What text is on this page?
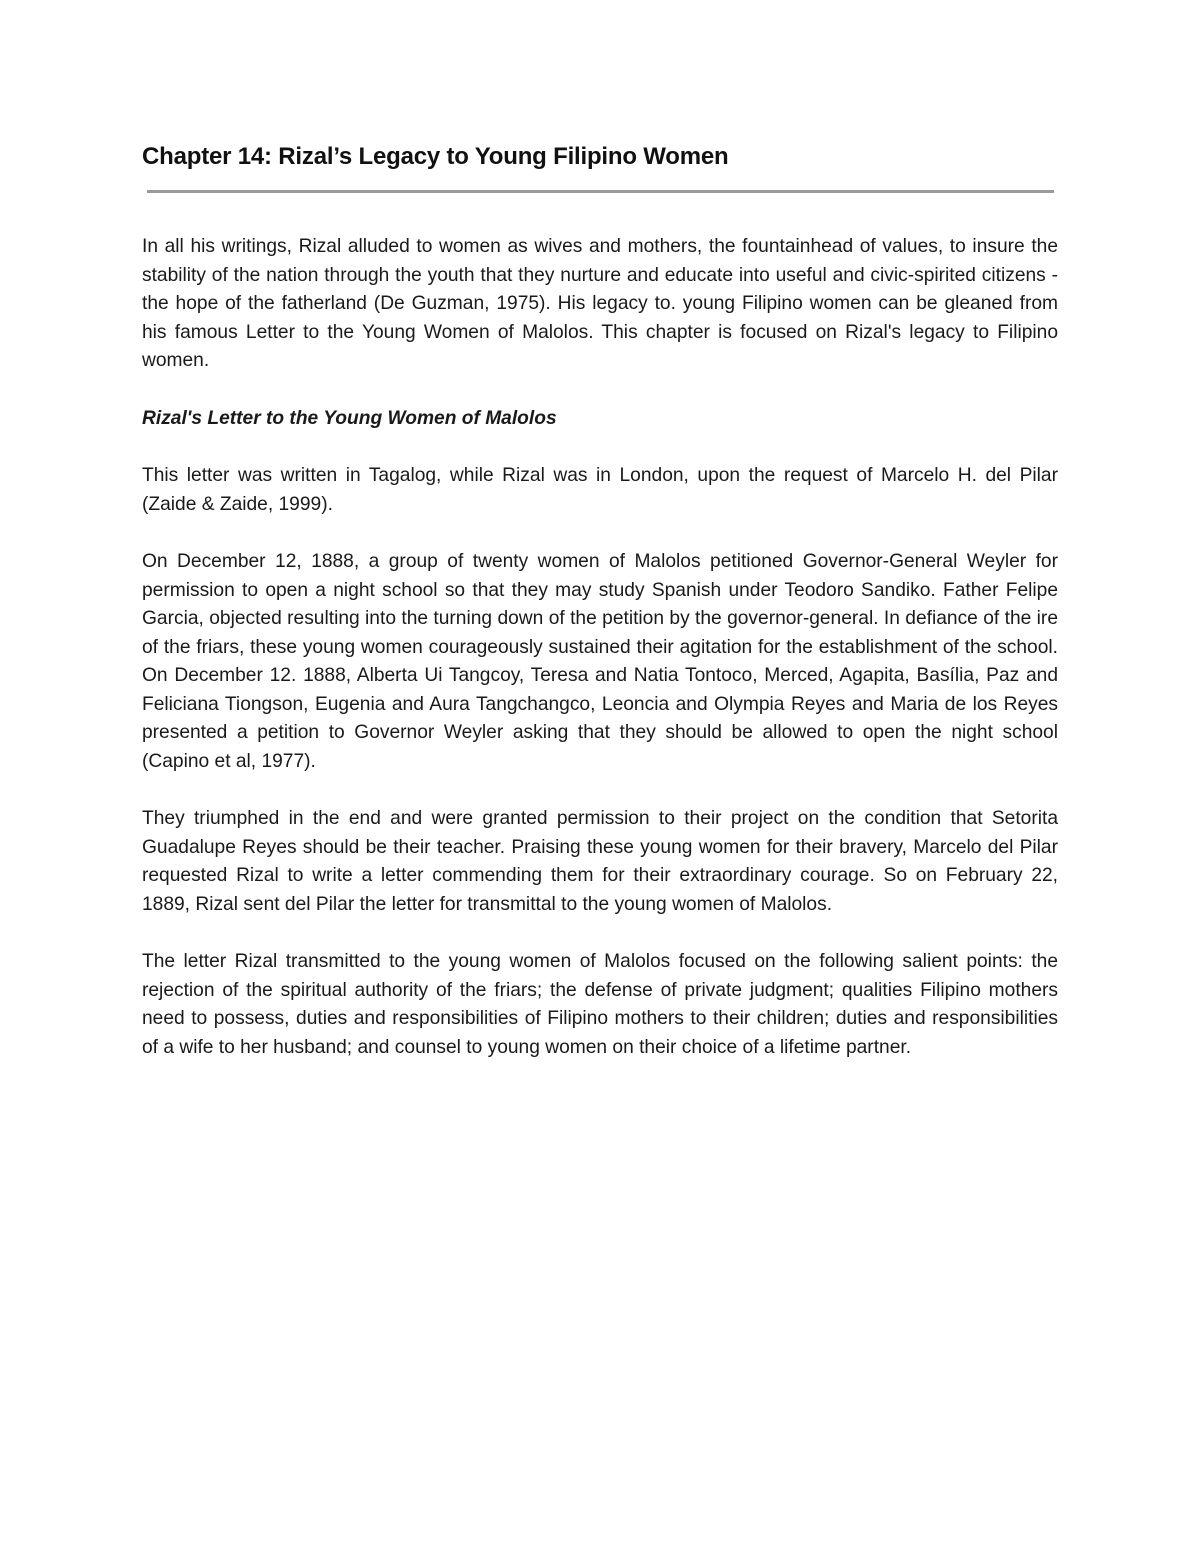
Chapter 14: Rizal’s Legacy to Young Filipino Women

In all his writings, Rizal alluded to women as wives and mothers, the fountainhead of values, to insure the stability of the nation through the youth that they nurture and educate into useful and civic-spirited citizens - the hope of the fatherland (De Guzman, 1975). His legacy to. young Filipino women can be gleaned from his famous Letter to the Young Women of Malolos. This chapter is focused on Rizal's legacy to Filipino women.

Rizal's Letter to the Young Women of Malolos

This letter was written in Tagalog, while Rizal was in London, upon the request of Marcelo H. del Pilar (Zaide & Zaide, 1999).

On December 12, 1888, a group of twenty women of Malolos petitioned Governor-General Weyler for permission to open a night school so that they may study Spanish under Teodoro Sandiko. Father Felipe Garcia, objected resulting into the turning down of the petition by the governor-general. In defiance of the ire of the friars, these young women courageously sustained their agitation for the establishment of the school. On December 12. 1888, Alberta Ui Tangcoy, Teresa and Natia Tontoco, Merced, Agapita, Basília, Paz and Feliciana Tiongson, Eugenia and Aura Tangchangco, Leoncia and Olympia Reyes and Maria de los Reyes presented a petition to Governor Weyler asking that they should be allowed to open the night school (Capino et al, 1977).

They triumphed in the end and were granted permission to their project on the condition that Setorita Guadalupe Reyes should be their teacher. Praising these young women for their bravery, Marcelo del Pilar requested Rizal to write a letter commending them for their extraordinary courage. So on February 22, 1889, Rizal sent del Pilar the letter for transmittal to the young women of Malolos.

The letter Rizal transmitted to the young women of Malolos focused on the following salient points: the rejection of the spiritual authority of the friars; the defense of private judgment; qualities Filipino mothers need to possess, duties and responsibilities of Filipino mothers to their children; duties and responsibilities of a wife to her husband; and counsel to young women on their choice of a lifetime partner.
